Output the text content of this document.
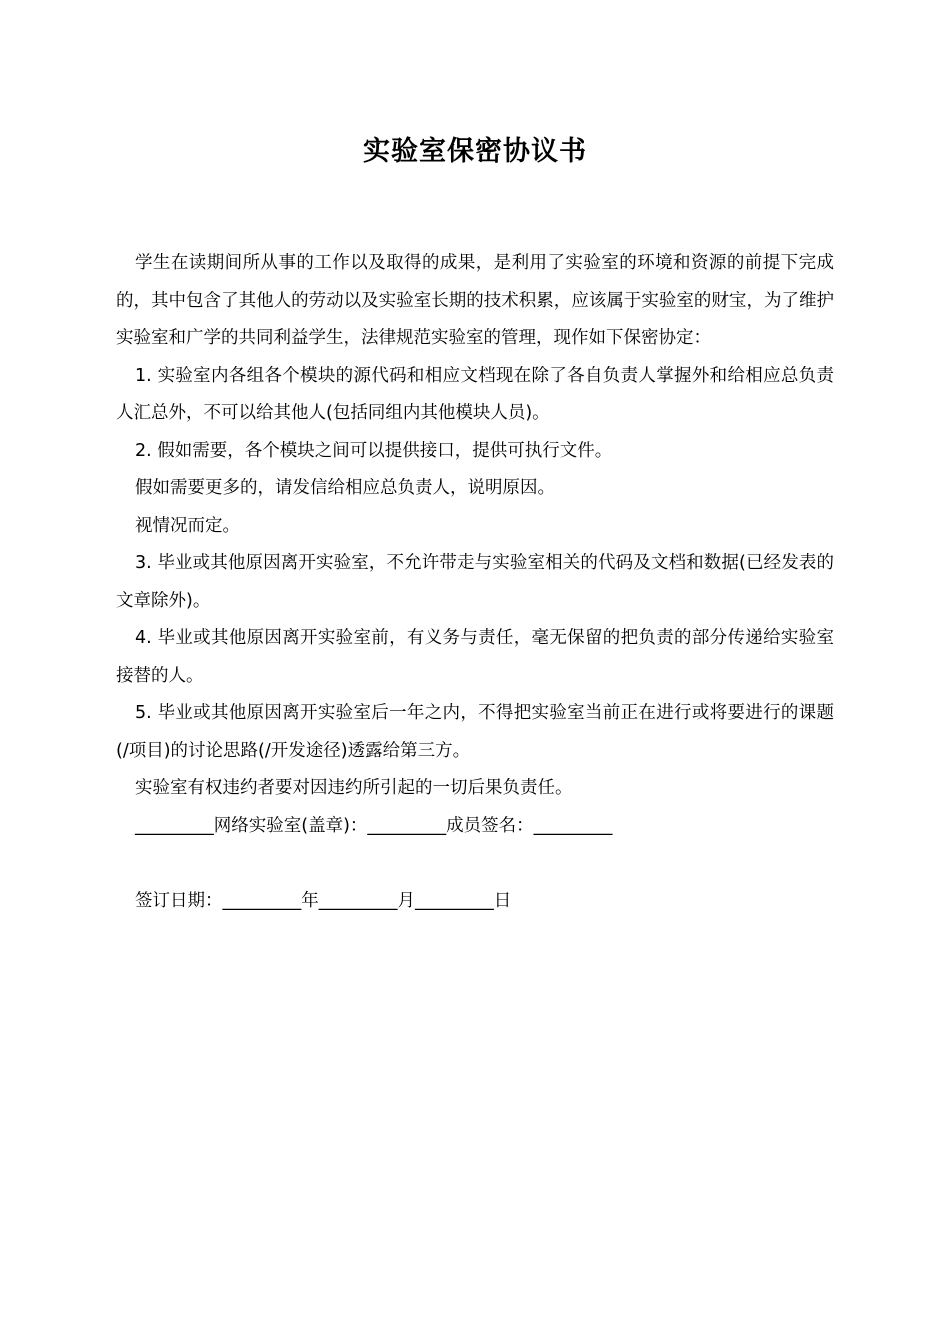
实验室保密协议书

学生在读期间所从事的工作以及取得的成果，是利用了实验室的环境和资源的前提下完成的，其中包含了其他人的劳动以及实验室长期的技术积累，应该属于实验室的财宝，为了维护实验室和广学的共同利益学生，法律规范实验室的管理，现作如下保密协定：

1. 实验室内各组各个模块的源代码和相应文档现在除了各自负责人掌握外和给相应总负责人汇总外，不可以给其他人(包括同组内其他模块人员)。

2. 假如需要，各个模块之间可以提供接口，提供可执行文件。

假如需要更多的，请发信给相应总负责人，说明原因。

视情况而定。

3. 毕业或其他原因离开实验室，不允许带走与实验室相关的代码及文档和数据(已经发表的文章除外)。

4. 毕业或其他原因离开实验室前，有义务与责任，毫无保留的把负责的部分传递给实验室接替的人。

5. 毕业或其他原因离开实验室后一年之内，不得把实验室当前正在进行或将要进行的课题(/项目)的讨论思路(/开发途径)透露给第三方。

实验室有权违约者要对因违约所引起的一切后果负责任。

_________网络实验室(盖章)：_________成员签名：_________

签订日期：_________年_________月_________日
